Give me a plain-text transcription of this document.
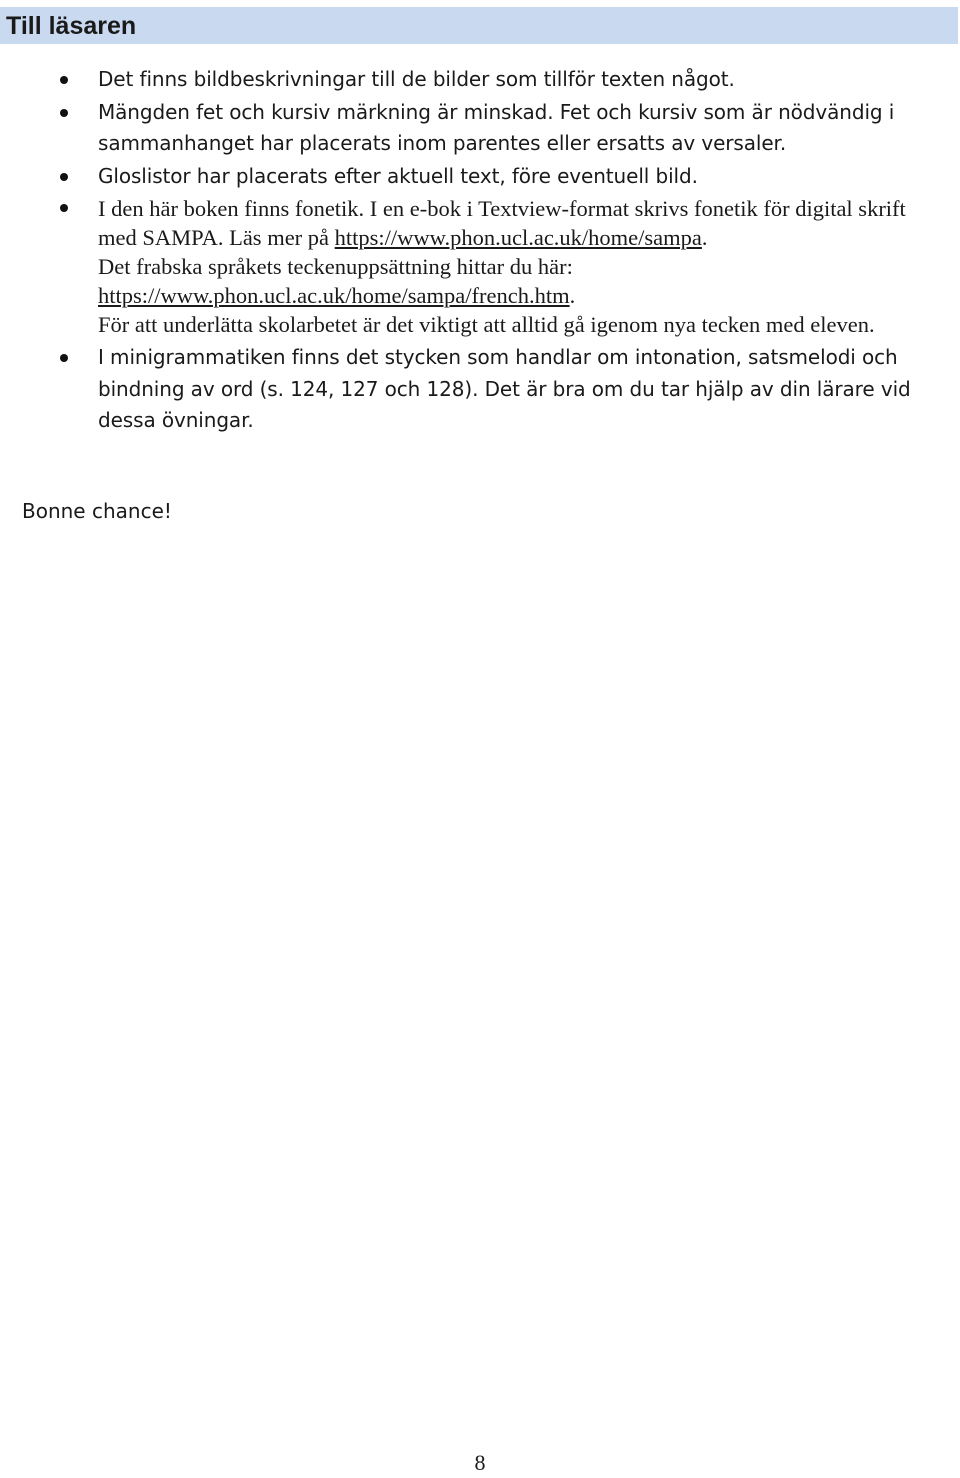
Till läsaren
Det finns bildbeskrivningar till de bilder som tillför texten något.
Mängden fet och kursiv märkning är minskad. Fet och kursiv som är nödvändig i sammanhanget har placerats inom parentes eller ersatts av versaler.
Gloslistor har placerats efter aktuell text, före eventuell bild.
I den här boken finns fonetik. I en e-bok i Textview-format skrivs fonetik för digital skrift med SAMPA. Läs mer på https://www.phon.ucl.ac.uk/home/sampa.
Det frabska språkets teckenuppsättning hittar du här:
https://www.phon.ucl.ac.uk/home/sampa/french.htm.
För att underlätta skolarbetet är det viktigt att alltid gå igenom nya tecken med eleven.
I minigrammatiken finns det stycken som handlar om intonation, satsmelodi och bindning av ord (s. 124, 127 och 128). Det är bra om du tar hjälp av din lärare vid dessa övningar.
Bonne chance!
8
